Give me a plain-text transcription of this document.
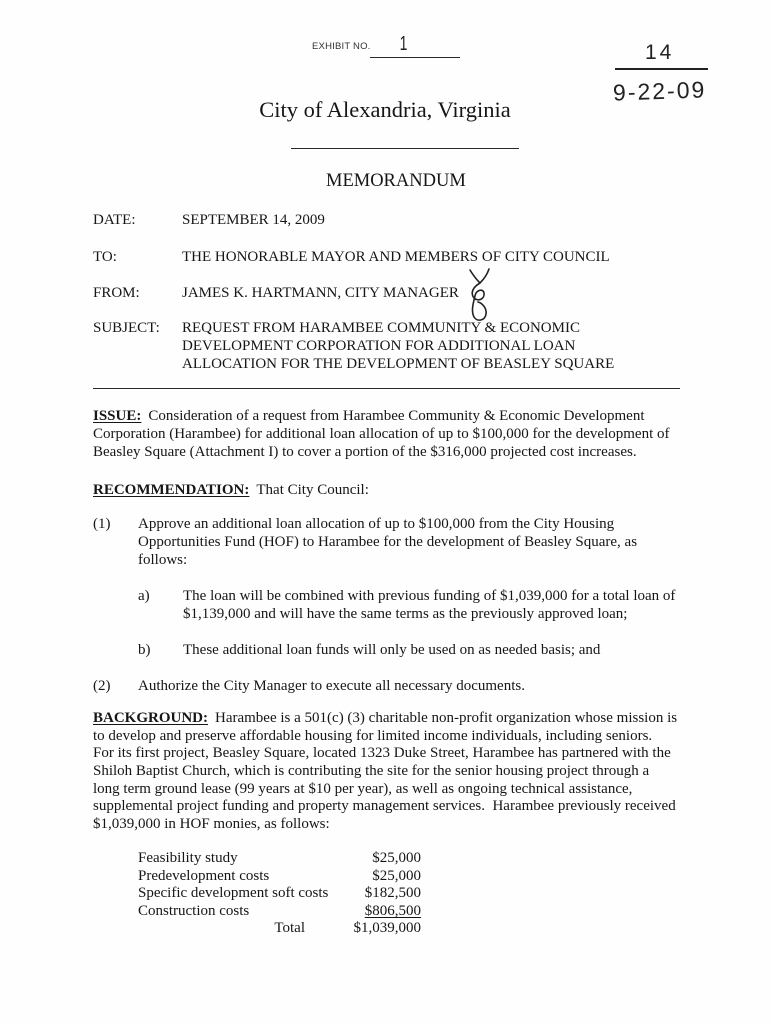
EXHIBIT NO. 1	14
9-22-09
City of Alexandria, Virginia
MEMORANDUM
DATE:	SEPTEMBER 14, 2009
TO:	THE HONORABLE MAYOR AND MEMBERS OF CITY COUNCIL
FROM:	JAMES K. HARTMANN, CITY MANAGER
SUBJECT: REQUEST FROM HARAMBEE COMMUNITY & ECONOMIC
DEVELOPMENT CORPORATION FOR ADDITIONAL LOAN
ALLOCATION FOR THE DEVELOPMENT OF BEASLEY SQUARE
ISSUE: Consideration of a request from Harambee Community & Economic Development
Corporation (Harambee) for additional loan allocation of up to $100,000 for the development of
Beasley Square (Attachment I) to cover a portion of the $316,000 projected cost increases.
RECOMMENDATION: That City Council:
(1) Approve an additional loan allocation of up to $100,000 from the City Housing
Opportunities Fund (HOF) to Harambee for the development of Beasley Square, as
follows:
a) The loan will be combined with previous funding of $1,039,000 for a total loan of
$1,139,000 and will have the same terms as the previously approved loan;
b) These additional loan funds will only be used on as needed basis; and
(2) Authorize the City Manager to execute all necessary documents.
BACKGROUND: Harambee is a 501(c) (3) charitable non-profit organization whose mission is
to develop and preserve affordable housing for limited income individuals, including seniors.
For its first project, Beasley Square, located 1323 Duke Street, Harambee has partnered with the
Shiloh Baptist Church, which is contributing the site for the senior housing project through a
long term ground lease (99 years at $10 per year), as well as ongoing technical assistance,
supplemental project funding and property management services.  Harambee previously received
$1,039,000 in HOF monies, as follows:
Feasibility study	$25,000
Predevelopment costs	$25,000
Specific development soft costs	$182,500
Construction costs	$806,500
Total	$1,039,000
